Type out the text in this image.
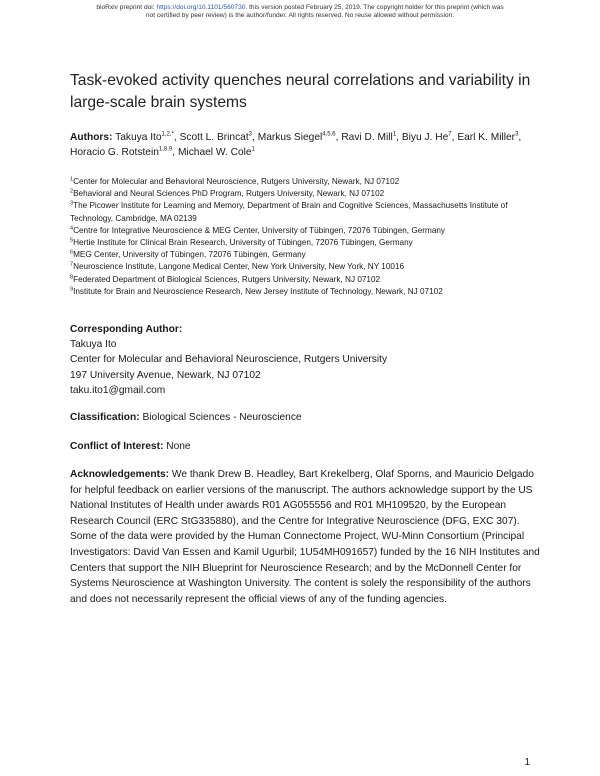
bioRxiv preprint doi: https://doi.org/10.1101/560730. this version posted February 25, 2019. The copyright holder for this preprint (which was
not certified by peer review) is the author/funder. All rights reserved. No reuse allowed without permission.
Task-evoked activity quenches neural correlations and variability in large-scale brain systems
Authors: Takuya Ito$^{1,2,*}$, Scott L. Brincat$^3$, Markus Siegel$^{4,5,6}$, Ravi D. Mill$^1$, Biyu J. He$^7$, Earl K. Miller$^3$, Horacio G. Rotstein$^{1,8,9}$, Michael W. Cole$^1$
$^1$Center for Molecular and Behavioral Neuroscience, Rutgers University, Newark, NJ 07102
$^2$Behavioral and Neural Sciences PhD Program, Rutgers University, Newark, NJ 07102
$^3$The Picower Institute for Learning and Memory, Department of Brain and Cognitive Sciences, Massachusetts Institute of Technology, Cambridge, MA 02139
$^4$Centre for Integrative Neuroscience & MEG Center, University of Tübingen, 72076 Tübingen, Germany
$^5$Hertie Institute for Clinical Brain Research, University of Tübingen, 72076 Tübingen, Germany
$^6$MEG Center, University of Tübingen, 72076 Tübingen, Germany
$^7$Neuroscience Institute, Langone Medical Center, New York University, New York, NY 10016
$^8$Federated Department of Biological Sciences, Rutgers University, Newark, NJ 07102
$^9$Institute for Brain and Neuroscience Research, New Jersey Institute of Technology, Newark, NJ 07102
Corresponding Author:
Takuya Ito
Center for Molecular and Behavioral Neuroscience, Rutgers University
197 University Avenue, Newark, NJ 07102
taku.ito1@gmail.com
Classification: Biological Sciences - Neuroscience
Conflict of Interest: None
Acknowledgements: We thank Drew B. Headley, Bart Krekelberg, Olaf Sporns, and Mauricio Delgado for helpful feedback on earlier versions of the manuscript. The authors acknowledge support by the US National Institutes of Health under awards R01 AG055556 and R01 MH109520, by the European Research Council (ERC StG335880), and the Centre for Integrative Neuroscience (DFG, EXC 307). Some of the data were provided by the Human Connectome Project, WU-Minn Consortium (Principal Investigators: David Van Essen and Kamil Ugurbil; 1U54MH091657) funded by the 16 NIH Institutes and Centers that support the NIH Blueprint for Neuroscience Research; and by the McDonnell Center for Systems Neuroscience at Washington University. The content is solely the responsibility of the authors and does not necessarily represent the official views of any of the funding agencies.
1
